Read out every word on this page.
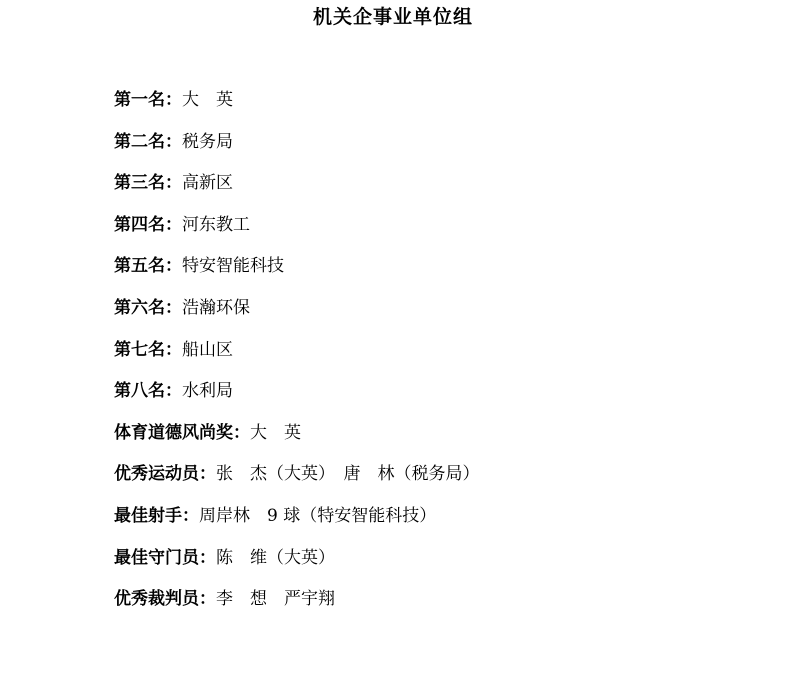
机关企事业单位组
第一名：大　英
第二名：税务局
第三名：高新区
第四名：河东教工
第五名：特安智能科技
第六名：浩瀚环保
第七名：船山区
第八名：水利局
体育道德风尚奖：大　英
优秀运动员：张　杰（大英）　唐　林（税务局）
最佳射手：周岸林　9 球（特安智能科技）
最佳守门员：陈　维（大英）
优秀裁判员：李　想　严宇翔
